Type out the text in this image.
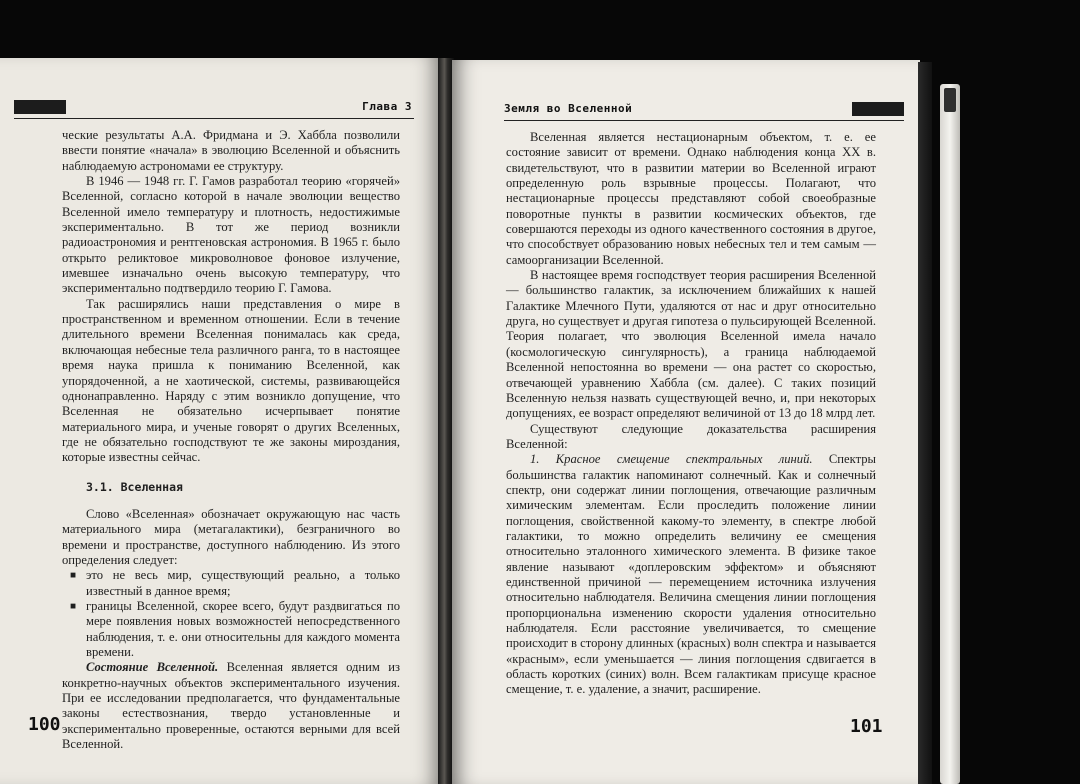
Глава 3

ческие результаты А.А. Фридмана и Э. Хаббла позволили ввести понятие «начала» в эволюцию Вселенной и объяснить наблюдаемую астрономами ее структуру.

В 1946 — 1948 гг. Г. Гамов разработал теорию «горячей» Вселенной, согласно которой в начале эволюции вещество Вселенной имело температуру и плотность, недостижимые экспериментально. В тот же период возникли радиоастрономия и рентгеновская астрономия. В 1965 г. было открыто реликтовое микроволновое фоновое излучение, имевшее изначально очень высокую температуру, что экспериментально подтвердило теорию Г. Гамова.

Так расширялись наши представления о мире в пространственном и временном отношении. Если в течение длительного времени Вселенная понималась как среда, включающая небесные тела различного ранга, то в настоящее время наука пришла к пониманию Вселенной, как упорядоченной, а не хаотической, системы, развивающейся однонаправленно. Наряду с этим возникло допущение, что Вселенная не обязательно исчерпывает понятие материального мира, и ученые говорят о других Вселенных, где не обязательно господствуют те же законы мироздания, которые известны сейчас.

3.1. Вселенная

Слово «Вселенная» обозначает окружающую нас часть материального мира (метагалактики), безграничного во времени и пространстве, доступного наблюдению. Из этого определения следует:

■ это не весь мир, существующий реально, а только известный в данное время;
■ границы Вселенной, скорее всего, будут раздвигаться по мере появления новых возможностей непосредственного наблюдения, т. е. они относительны для каждого момента времени.

Состояние Вселенной. Вселенная является одним из конкретно-научных объектов экспериментального изучения. При ее исследовании предполагается, что фундаментальные законы естествознания, твердо установленные и экспериментально проверенные, остаются верными для всей Вселенной.

100
Земля во Вселенной

Вселенная является нестационарным объектом, т. е. ее состояние зависит от времени. Однако наблюдения конца XX в. свидетельствуют, что в развитии материи во Вселенной играют определенную роль взрывные процессы. Полагают, что нестационарные процессы представляют собой своеобразные поворотные пункты в развитии космических объектов, где совершаются переходы из одного качественного состояния в другое, что способствует образованию новых небесных тел и тем самым — самоорганизации Вселенной.

В настоящее время господствует теория расширения Вселенной — большинство галактик, за исключением ближайших к нашей Галактике Млечного Пути, удаляются от нас и друг относительно друга, но существует и другая гипотеза о пульсирующей Вселенной. Теория полагает, что эволюция Вселенной имела начало (космологическую сингулярность), а граница наблюдаемой Вселенной непостоянна во времени — она растет со скоростью, отвечающей уравнению Хаббла (см. далее). С таких позиций Вселенную нельзя назвать существующей вечно, и, при некоторых допущениях, ее возраст определяют величиной от 13 до 18 млрд лет.

Существуют следующие доказательства расширения Вселенной:

1. Красное смещение спектральных линий. Спектры большинства галактик напоминают солнечный. Как и солнечный спектр, они содержат линии поглощения, отвечающие различным химическим элементам. Если проследить положение линии поглощения, свойственной какому-то элементу, в спектре любой галактики, то можно определить величину ее смещения относительно эталонного химического элемента. В физике такое явление называют «доплеровским эффектом» и объясняют единственной причиной — перемещением источника излучения относительно наблюдателя. Величина смещения линии поглощения пропорциональна изменению скорости удаления относительно наблюдателя. Если расстояние увеличивается, то смещение происходит в сторону длинных (красных) волн спектра и называется «красным», если уменьшается — линия поглощения сдвигается в область коротких (синих) волн. Всем галактикам присуще красное смещение, т. е. удаление, а значит, расширение.

101
